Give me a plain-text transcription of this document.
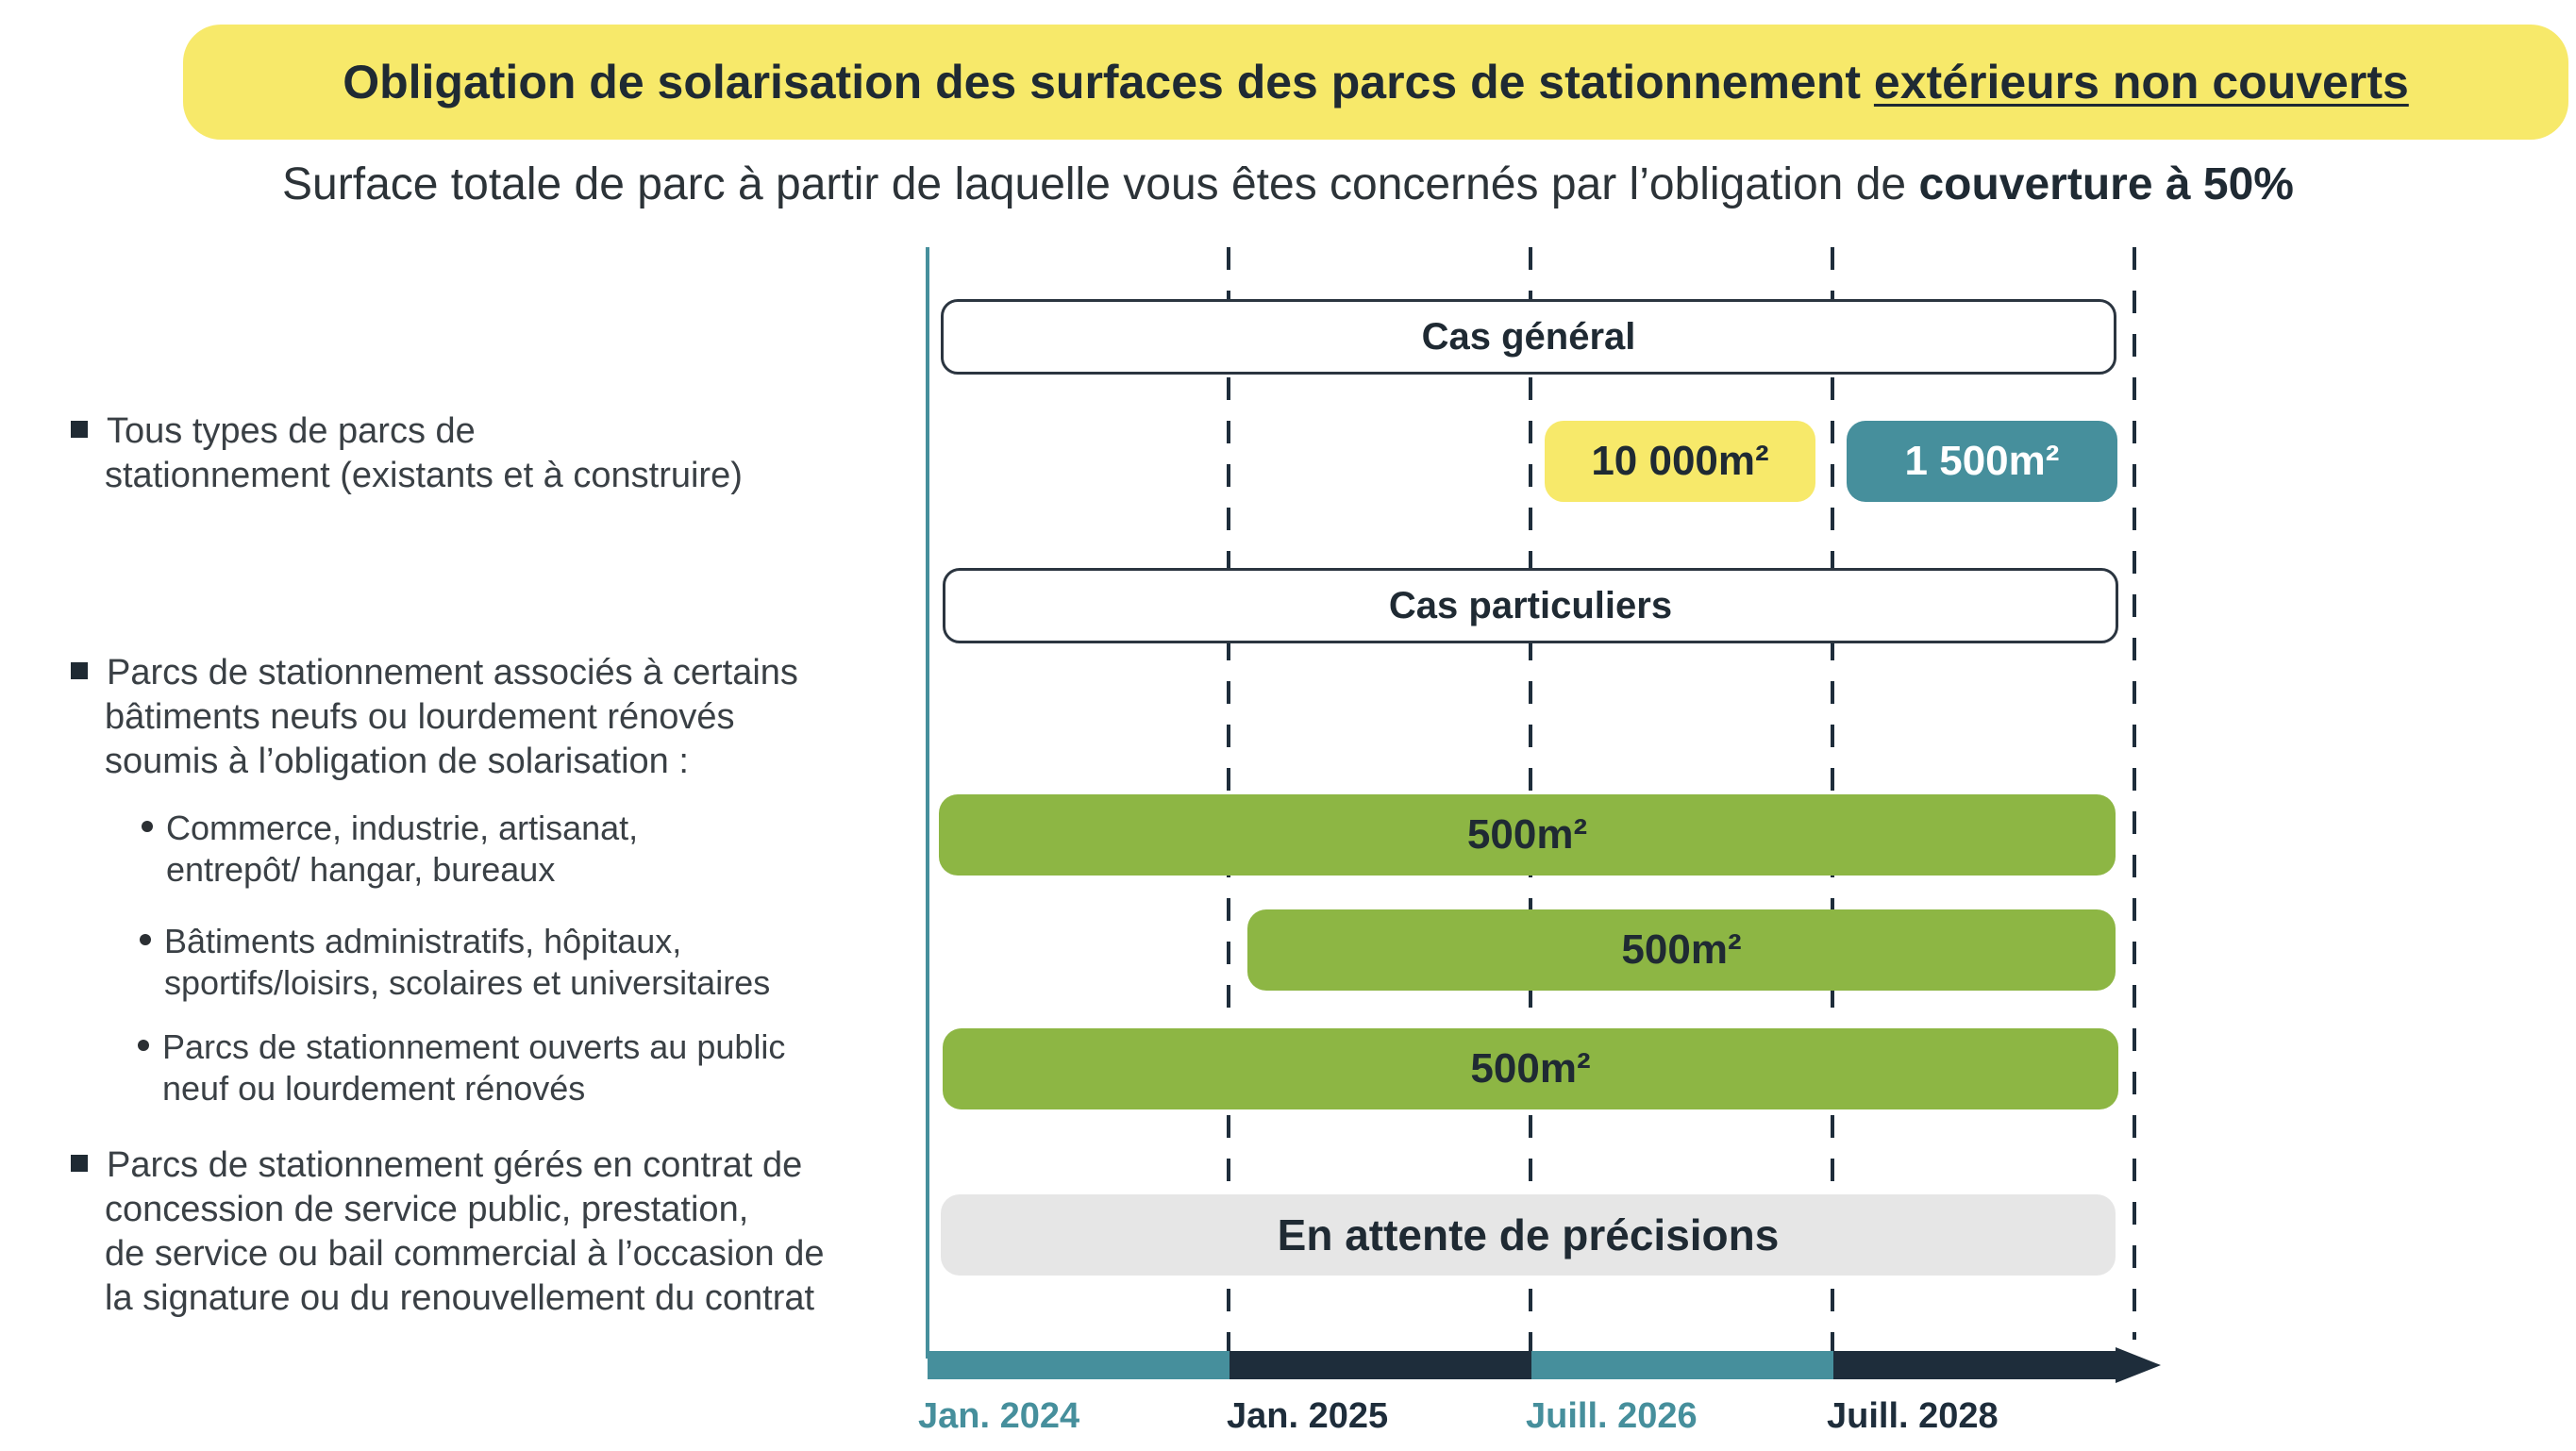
Obligation de solarisation des surfaces des parcs de stationnement extérieurs non couverts
Surface totale de parc à partir de laquelle vous êtes concernés par l’obligation de couverture à 50%
Tous types de parcs de
stationnement (existants et à construire)
Parcs de stationnement associés à certains
bâtiments neufs ou lourdement rénovés
soumis à l’obligation de solarisation :
Commerce, industrie, artisanat,
entrepôt/ hangar, bureaux
Bâtiments administratifs, hôpitaux,
sportifs/loisirs, scolaires et universitaires
Parcs de stationnement ouverts au public
neuf ou lourdement rénovés
Parcs de stationnement gérés en contrat de
concession de service public, prestation,
de service ou bail commercial à l’occasion de
la signature ou du renouvellement du contrat
Cas général
10 000m²	1 500m²
Cas particuliers
500m²
500m²
500m²
En attente de précisions
Jan. 2024	Jan. 2025	Juill. 2026	Juill. 2028
